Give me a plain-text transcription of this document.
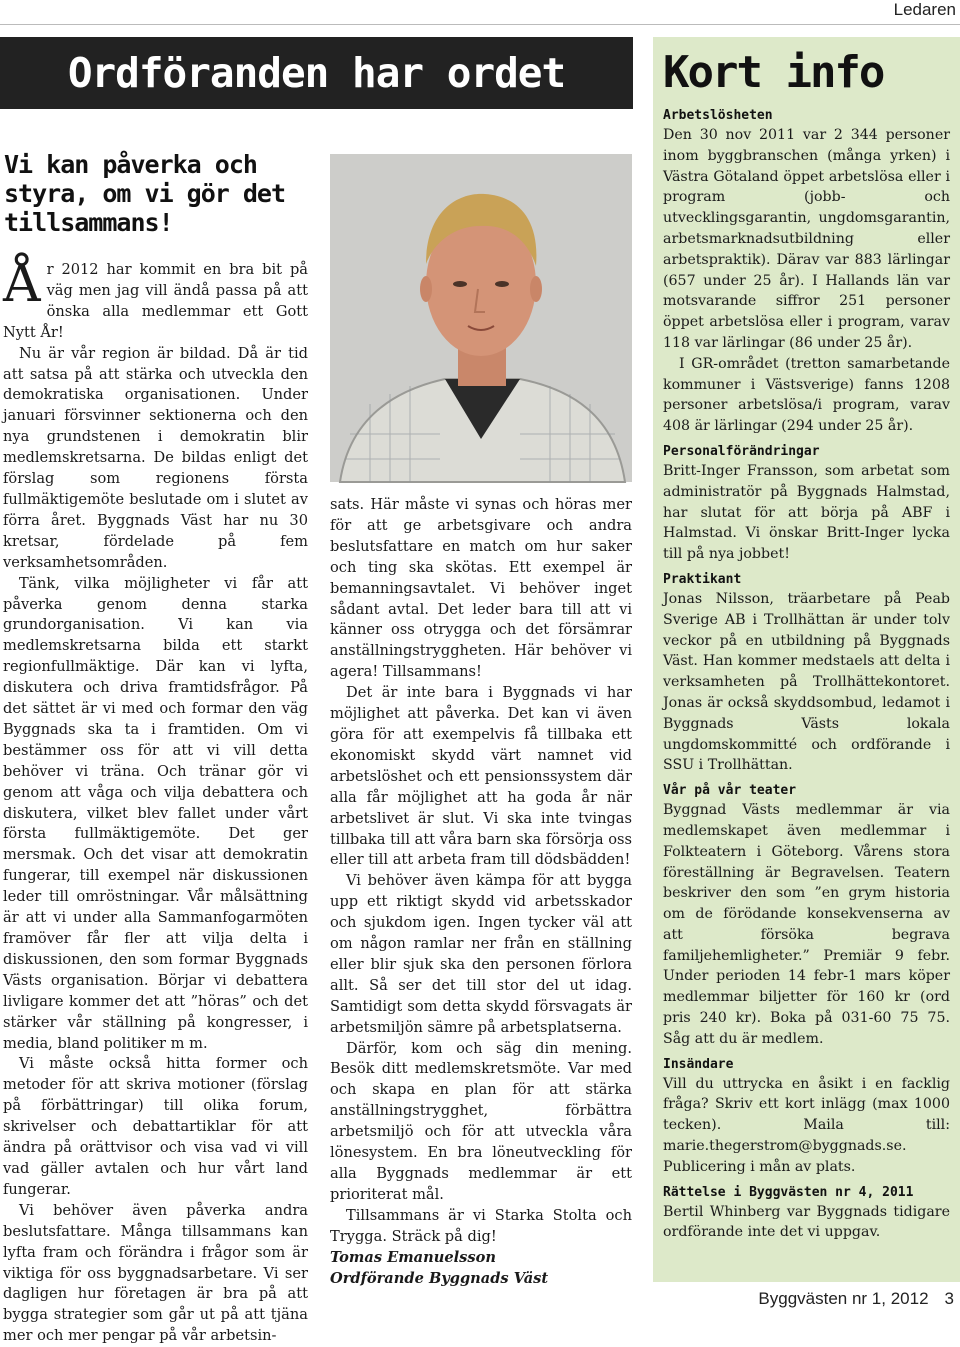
Ledaren
Ordföranden har ordet
Vi kan påverka och styra, om vi gör det tillsammans!

År 2012 har kommit en bra bit på väg men jag vill ändå passa på att önska alla medlemmar ett Gott Nytt År!

Nu är vår region är bildad. Då är tid att satsa på att stärka och utveckla den demokratiska organisationen. Under januari försvinner sektionerna och den nya grundstenen i demokratin blir medlemskretsarna. De bildas enligt det förslag som regionens första fullmäktigemöte beslutade om i slutet av förra året. Byggnads Väst har nu 30 kretsar, fördelade på fem verksamhetsområden.

Tänk, vilka möjligheter vi får att påverka genom denna starka grundorganisation. Vi kan via medlemskretsarna bilda ett starkt regionfullmäktige. Där kan vi lyfta, diskutera och driva framtidsfrågor. På det sättet är vi med och formar den väg Byggnads ska ta i framtiden. Om vi bestämmer oss för att vi vill detta behöver vi träna. Och tränar gör vi genom att våga och vilja debattera och diskutera, vilket blev fallet under vårt första fullmäktigemöte. Det ger mersmak. Och det visar att demokratin fungerar, till exempel när diskussionen leder till omröstningar. Vår målsättning är att vi under alla Sammanfogarmöten framöver får fler att vilja delta i diskussionen, den som formar Byggnads Västs organisation. Börjar vi debattera livligare kommer det att ”höras” och det stärker vår ställning på kongresser, i media, bland politiker m m.

Vi måste också hitta former och metoder för att skriva motioner (förslag på förbättringar) till olika forum, skrivelser och debattartiklar för att ändra på orättvisor och visa vad vi vill vad gäller avtalen och hur vårt land fungerar.

Vi behöver även påverka andra beslutsfattare. Många tillsammans kan lyfta fram och förändra i frågor som är viktiga för oss byggnadsarbetare. Vi ser dagligen hur företagen är bra på att bygga strategier som går ut på att tjäna mer och mer pengar på vår arbetsin-

sats. Här måste vi synas och höras mer för att ge arbetsgivare och andra beslutsfattare en match om hur saker och ting ska skötas. Ett exempel är bemanningsavtalet. Vi behöver inget sådant avtal. Det leder bara till att vi känner oss otrygga och det försämrar anställningstryggheten. Här behöver vi agera! Tillsammans!

Det är inte bara i Byggnads vi har möjlighet att påverka. Det kan vi även göra för att exempelvis få tillbaka ett ekonomiskt skydd värt namnet vid arbetslöshet och ett pensionssystem där alla får möjlighet att ha goda år när arbetslivet är slut. Vi ska inte tvingas tillbaka till att våra barn ska försörja oss eller till att arbeta fram till dödsbädden!

Vi behöver även kämpa för att bygga upp ett riktigt skydd vid arbetsskador och sjukdom igen. Ingen tycker väl att om någon ramlar ner från en ställning eller blir sjuk ska den personen förlora allt. Så ser det till stor del ut idag. Samtidigt som detta skydd försvagats är arbetsmiljön sämre på arbetsplatserna.

Därför, kom och säg din mening. Besök ditt medlemskretsmöte. Var med och skapa en plan för att stärka anställningstrygghet, förbättra arbetsmiljö och för att utveckla våra lönesystem. En bra löneutveckling för alla Byggnads medlemmar är ett prioriterat mål.

Tillsammans är vi Starka Stolta och Trygga. Sträck på dig!

Tomas Emanuelsson

Ordförande Byggnads Väst

Kort info
Arbetslösheten

Den 30 nov 2011 var 2 344 personer inom byggbranschen (många yrken) i Västra Götaland öppet arbetslösa eller i program (jobb- och utvecklingsgarantin, ungdomsgarantin, arbetsmarknadsutbildning eller arbetspraktik). Därav var 883 lärlingar (657 under 25 år). I Hallands län var motsvarande siffror 251 personer öppet arbetslösa eller i program, varav 118 var lärlingar (86 under 25 år).

I GR-området (tretton samarbetande kommuner i Västsverige) fanns 1208 personer arbetslösa/i program, varav 408 är lärlingar (294 under 25 år).

Personalförändringar

Britt-Inger Fransson, som arbetat som administratör på Byggnads Halmstad, har slutat för att börja på ABF i Halmstad. Vi önskar Britt-Inger lycka till på nya jobbet!

Praktikant

Jonas Nilsson, träarbetare på Peab Sverige AB i Trollhättan är under tolv veckor på en utbildning på Byggnads Väst. Han kommer medstaels att delta i verksamheten på Trollhättekontoret. Jonas är också skyddsombud, ledamot i Byggnads Västs lokala ungdomskommitté och ordförande i SSU i Trollhättan.

Vår på vår teater

Byggnad Västs medlemmar är via medlemskapet även medlemmar i Folkteatern i Göteborg. Vårens stora föreställning är Begravelsen. Teatern beskriver den som ”en grym historia om de förödande konsekvenserna av att försöka begrava familjehemligheter.” Premiär 9 febr. Under perioden 14 febr-1 mars köper medlemmar biljetter för 160 kr (ord pris 240 kr). Boka på 031-60 75 75. Såg att du är medlem.

Insändare

Vill du uttrycka en åsikt i en facklig fråga? Skriv ett kort inlägg (max 1000 tecken). Maila till: marie.thegerstrom@byggnads.se. Publicering i mån av plats.

Rättelse i Byggvästen nr 4, 2011

Bertil Whinberg var Byggnads tidigare ordförande inte det vi uppgav.

Byggvästen nr 1, 2012 3
